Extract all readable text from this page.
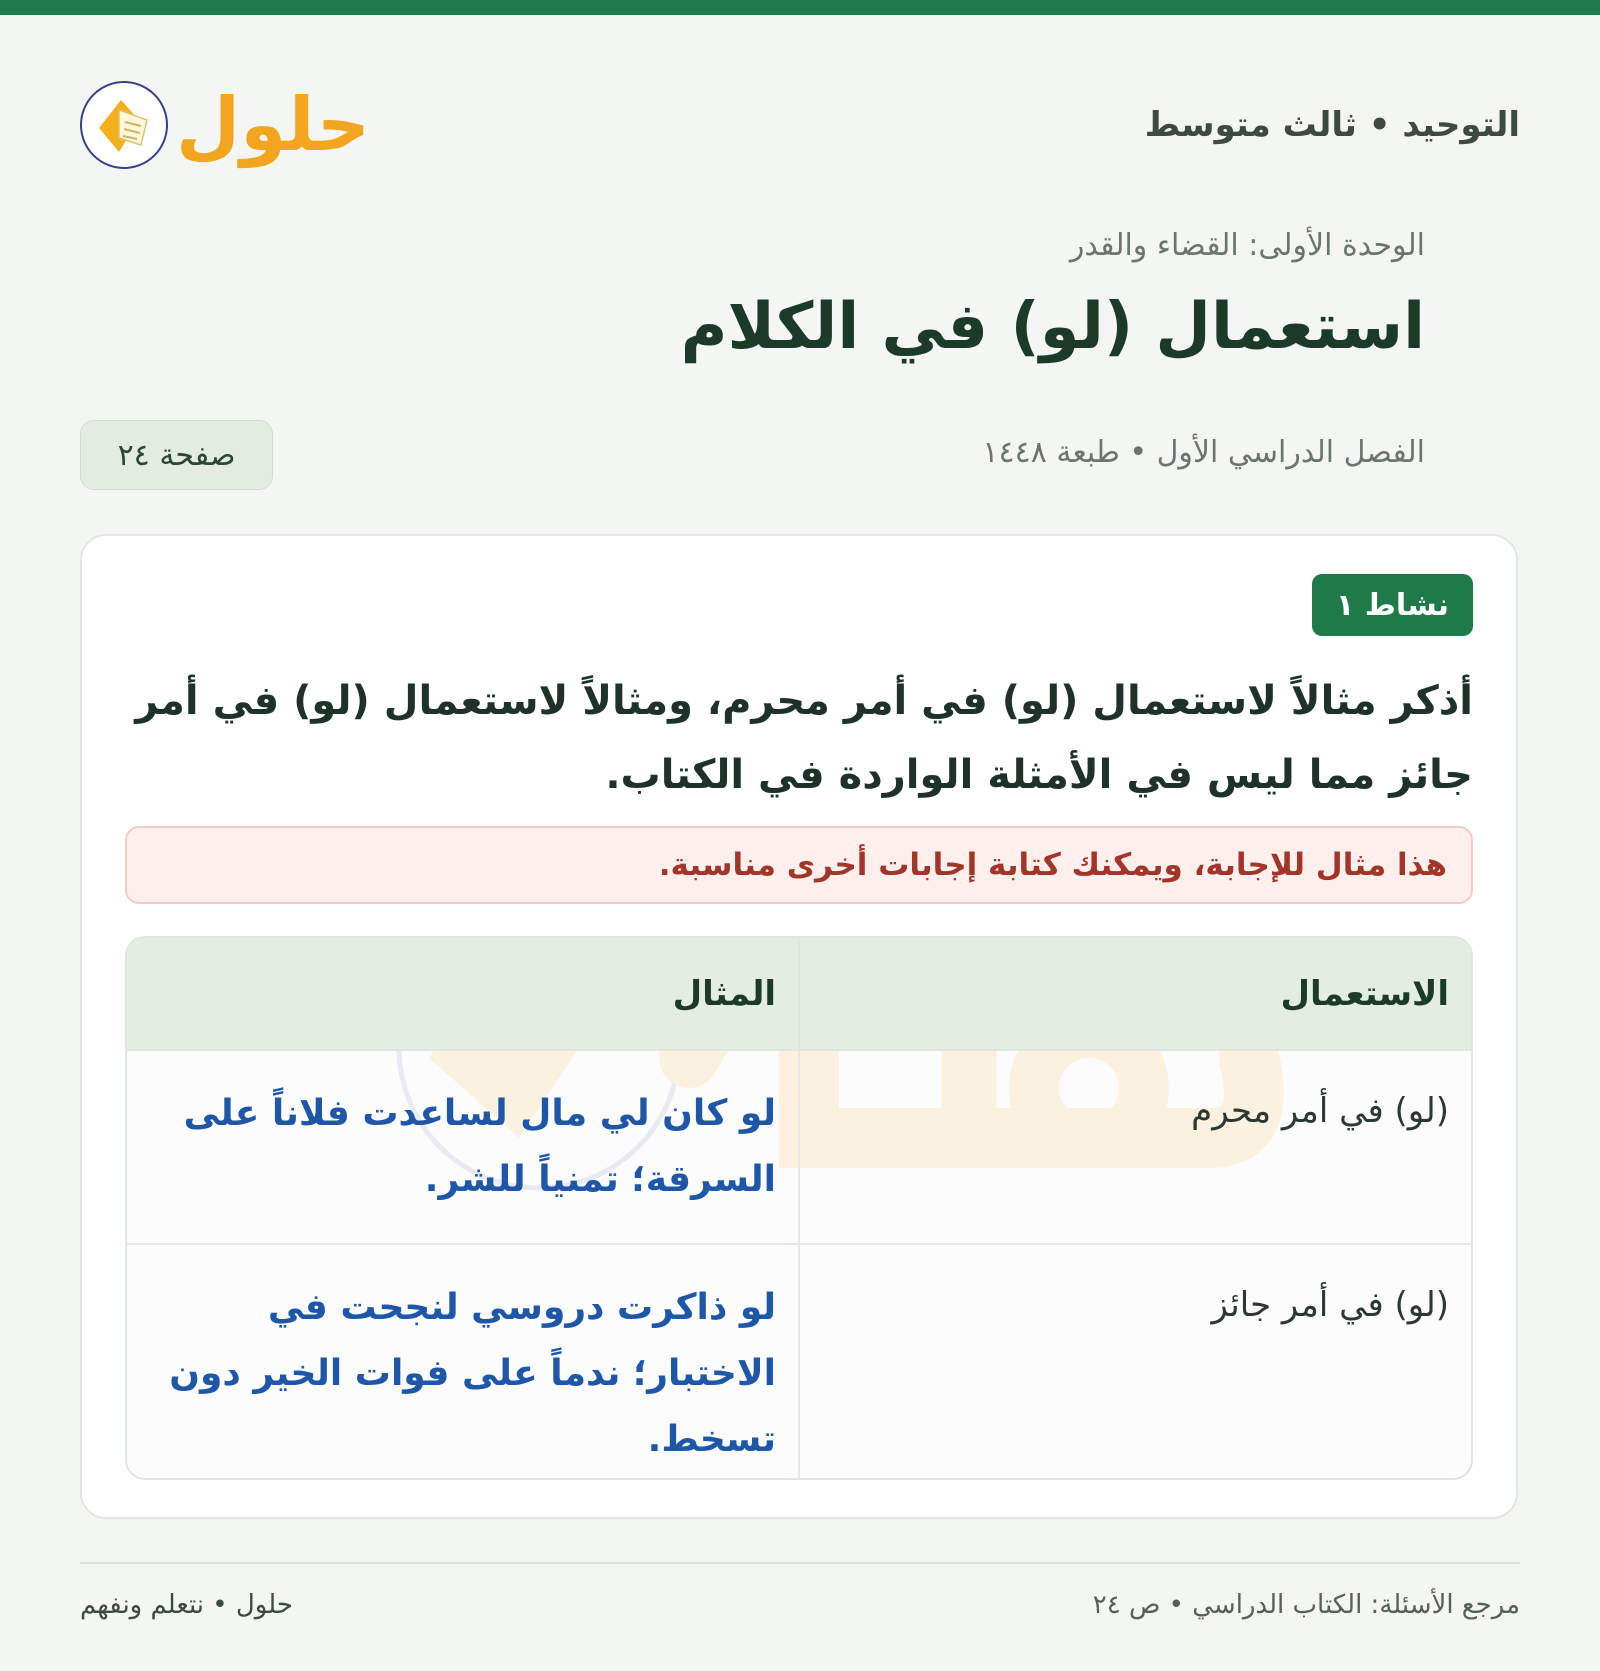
التوحيد • ثالث متوسط
حلول
الوحدة الأولى: القضاء والقدر
استعمال (لو) في الكلام
الفصل الدراسي الأول • طبعة ١٤٤٨
صفحة ٢٤
نشاط ١
أذكر مثالاً لاستعمال (لو) في أمر محرم، ومثالاً لاستعمال (لو) في أمر جائز مما ليس في الأمثلة الواردة في الكتاب.
هذا مثال للإجابة، ويمكنك كتابة إجابات أخرى مناسبة.
الاستعمال	المثال
(لو) في أمر محرم	لو كان لي مال لساعدت فلاناً على السرقة؛ تمنياً للشر.
(لو) في أمر جائز	لو ذاكرت دروسي لنجحت في الاختبار؛ ندماً على فوات الخير دون تسخط.
مرجع الأسئلة: الكتاب الدراسي • ص ٢٤
حلول • نتعلم ونفهم
